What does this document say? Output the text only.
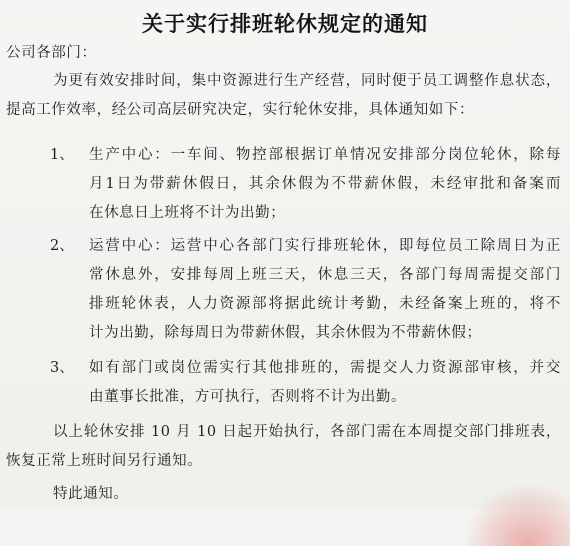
关于实行排班轮休规定的通知
公司各部门：
为更有效安排时间，集中资源进行生产经营，同时便于员工调整作息状态，
提高工作效率，经公司高层研究决定，实行轮休安排，具体通知如下：
1、 生产中心：一车间、物控部根据订单情况安排部分岗位轮休，除每
月1日为带薪休假日，其余休假为不带薪休假，未经审批和备案而
在休息日上班将不计为出勤；
2、 运营中心：运营中心各部门实行排班轮休，即每位员工除周日为正
常休息外，安排每周上班三天，休息三天，各部门每周需提交部门
排班轮休表，人力资源部将据此统计考勤，未经备案上班的，将不
计为出勤，除每周日为带薪休假，其余休假为不带薪休假；
3、 如有部门或岗位需实行其他排班的，需提交人力资源部审核，并交
由董事长批准，方可执行，否则将不计为出勤。
以上轮休安排 10 月 10 日起开始执行，各部门需在本周提交部门排班表，
恢复正常上班时间另行通知。
特此通知。
